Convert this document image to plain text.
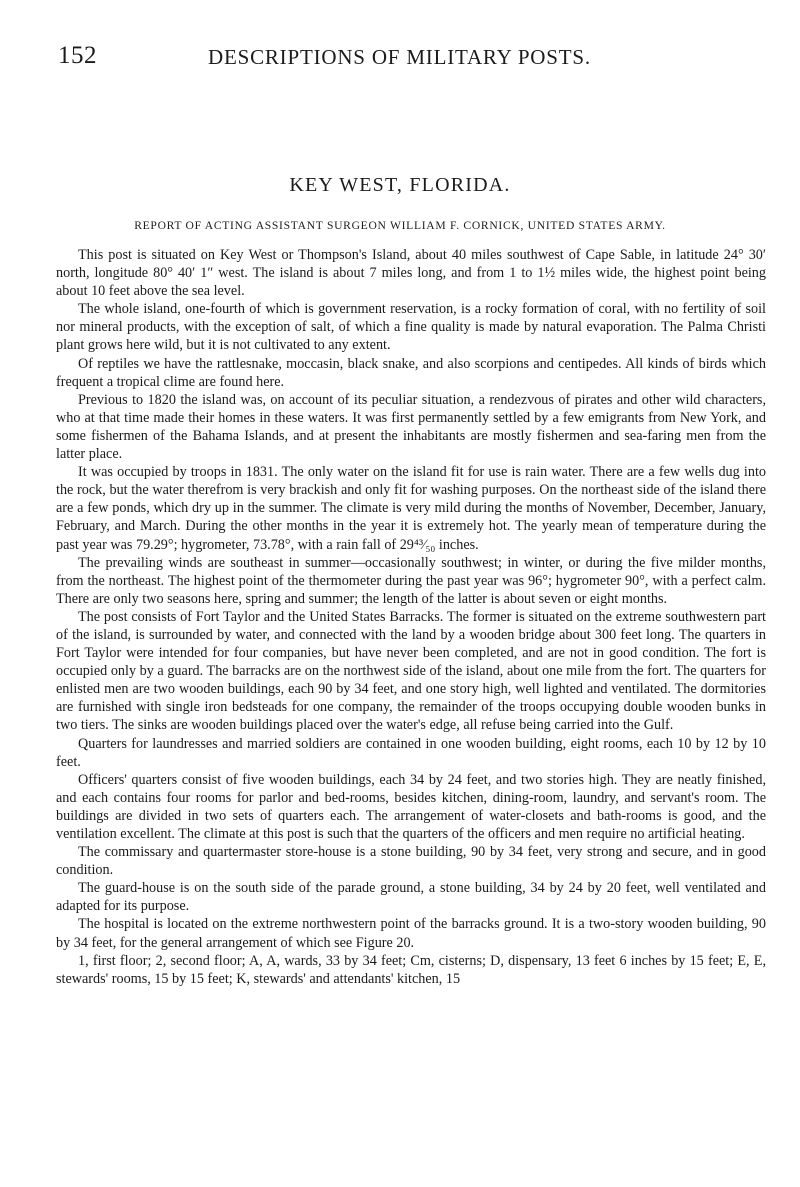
152	DESCRIPTIONS OF MILITARY POSTS.
KEY WEST, FLORIDA.
REPORT OF ACTING ASSISTANT SURGEON WILLIAM F. CORNICK, UNITED STATES ARMY.

This post is situated on Key West or Thompson's Island, about 40 miles southwest of Cape Sable, in latitude 24° 30′ north, longitude 80° 40′ 1″ west. The island is about 7 miles long, and from 1 to 1½ miles wide, the highest point being about 10 feet above the sea level.

The whole island, one-fourth of which is government reservation, is a rocky formation of coral, with no fertility of soil nor mineral products, with the exception of salt, of which a fine quality is made by natural evaporation. The Palma Christi plant grows here wild, but it is not cultivated to any extent.

Of reptiles we have the rattlesnake, moccasin, black snake, and also scorpions and centipedes. All kinds of birds which frequent a tropical clime are found here.

Previous to 1820 the island was, on account of its peculiar situation, a rendezvous of pirates and other wild characters, who at that time made their homes in these waters. It was first permanently settled by a few emigrants from New York, and some fishermen of the Bahama Islands, and at present the inhabitants are mostly fishermen and sea-faring men from the latter place.

It was occupied by troops in 1831. The only water on the island fit for use is rain water. There are a few wells dug into the rock, but the water therefrom is very brackish and only fit for washing purposes. On the northeast side of the island there are a few ponds, which dry up in the summer. The climate is very mild during the months of November, December, January, February, and March. During the other months in the year it is extremely hot. The yearly mean of temperature during the past year was 79.29°; hygrometer, 73.78°, with a rain fall of 29⁴³⁄₅₀ inches.

The prevailing winds are southeast in summer—occasionally southwest; in winter, or during the five milder months, from the northeast. The highest point of the thermometer during the past year was 96°; hygrometer 90°, with a perfect calm. There are only two seasons here, spring and summer; the length of the latter is about seven or eight months.

The post consists of Fort Taylor and the United States Barracks. The former is situated on the extreme southwestern part of the island, is surrounded by water, and connected with the land by a wooden bridge about 300 feet long. The quarters in Fort Taylor were intended for four companies, but have never been completed, and are not in good condition. The fort is occupied only by a guard. The barracks are on the northwest side of the island, about one mile from the fort. The quarters for enlisted men are two wooden buildings, each 90 by 34 feet, and one story high, well lighted and ventilated. The dormitories are furnished with single iron bedsteads for one company, the remainder of the troops occupying double wooden bunks in two tiers. The sinks are wooden buildings placed over the water's edge, all refuse being carried into the Gulf.

Quarters for laundresses and married soldiers are contained in one wooden building, eight rooms, each 10 by 12 by 10 feet.

Officers' quarters consist of five wooden buildings, each 34 by 24 feet, and two stories high. They are neatly finished, and each contains four rooms for parlor and bed-rooms, besides kitchen, dining-room, laundry, and servant's room. The buildings are divided in two sets of quarters each. The arrangement of water-closets and bath-rooms is good, and the ventilation excellent. The climate at this post is such that the quarters of the officers and men require no artificial heating.

The commissary and quartermaster store-house is a stone building, 90 by 34 feet, very strong and secure, and in good condition.

The guard-house is on the south side of the parade ground, a stone building, 34 by 24 by 20 feet, well ventilated and adapted for its purpose.

The hospital is located on the extreme northwestern point of the barracks ground. It is a two-story wooden building, 90 by 34 feet, for the general arrangement of which see Figure 20.

1, first floor; 2, second floor; A, A, wards, 33 by 34 feet; Cm, cisterns; D, dispensary, 13 feet 6 inches by 15 feet; E, E, stewards' rooms, 15 by 15 feet; K, stewards' and attendants' kitchen, 15
